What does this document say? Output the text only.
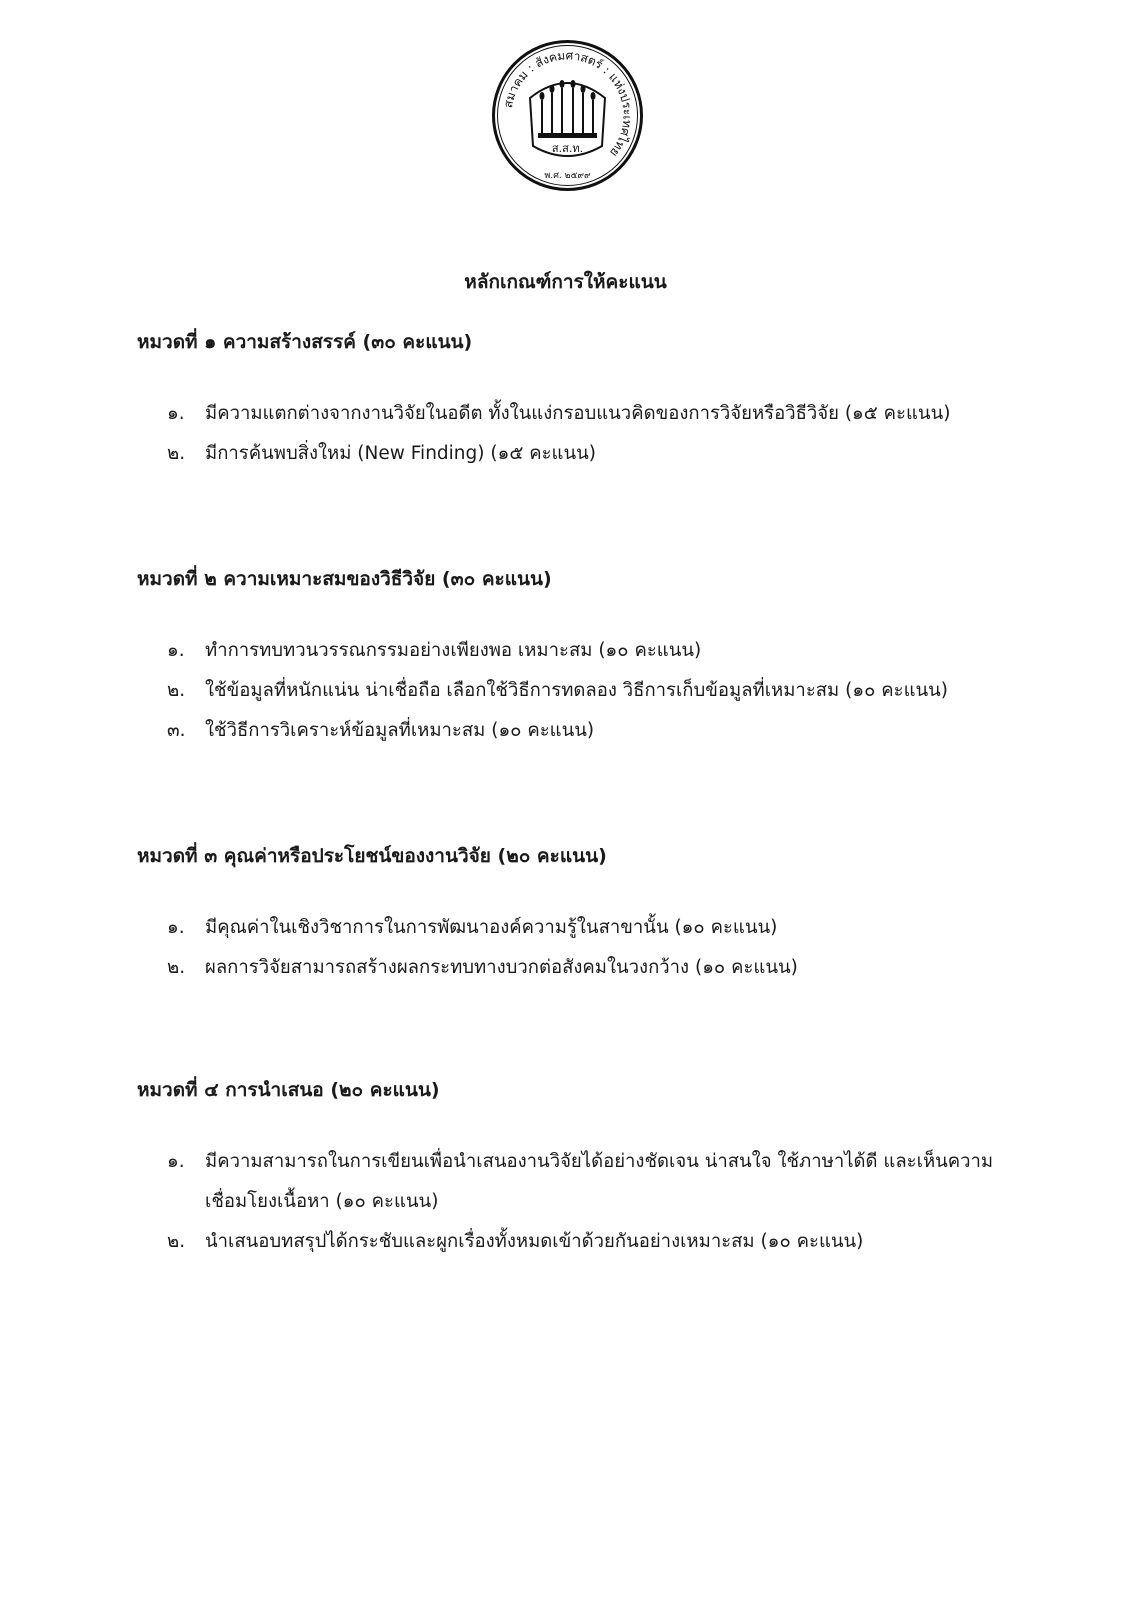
สมาคม : สังคมศาสตร์ : แห่งประเทศไทย
ส.ส.ท.
พ.ศ. ๒๕๙๙
หลักเกณฑ์การให้คะแนน

หมวดที่ ๑ ความสร้างสรรค์ (๓๐ คะแนน)

๑. มีความแตกต่างจากงานวิจัยในอดีต ทั้งในแง่กรอบแนวคิดของการวิจัยหรือวิธีวิจัย (๑๕ คะแนน)
๒. มีการค้นพบสิ่งใหม่ (New Finding) (๑๕ คะแนน)

หมวดที่ ๒ ความเหมาะสมของวิธีวิจัย (๓๐ คะแนน)

๑. ทำการทบทวนวรรณกรรมอย่างเพียงพอ เหมาะสม (๑๐ คะแนน)
๒. ใช้ข้อมูลที่หนักแน่น น่าเชื่อถือ เลือกใช้วิธีการทดลอง วิธีการเก็บข้อมูลที่เหมาะสม (๑๐ คะแนน)
๓. ใช้วิธีการวิเคราะห์ข้อมูลที่เหมาะสม (๑๐ คะแนน)

หมวดที่ ๓ คุณค่าหรือประโยชน์ของงานวิจัย (๒๐ คะแนน)

๑. มีคุณค่าในเชิงวิชาการในการพัฒนาองค์ความรู้ในสาขานั้น (๑๐ คะแนน)
๒. ผลการวิจัยสามารถสร้างผลกระทบทางบวกต่อสังคมในวงกว้าง (๑๐ คะแนน)

หมวดที่ ๔ การนำเสนอ (๒๐ คะแนน)

๑. มีความสามารถในการเขียนเพื่อนำเสนองานวิจัยได้อย่างชัดเจน น่าสนใจ ใช้ภาษาได้ดี และเห็นความเชื่อมโยงเนื้อหา (๑๐ คะแนน)
๒. นำเสนอบทสรุปได้กระชับและผูกเรื่องทั้งหมดเข้าด้วยกันอย่างเหมาะสม (๑๐ คะแนน)
